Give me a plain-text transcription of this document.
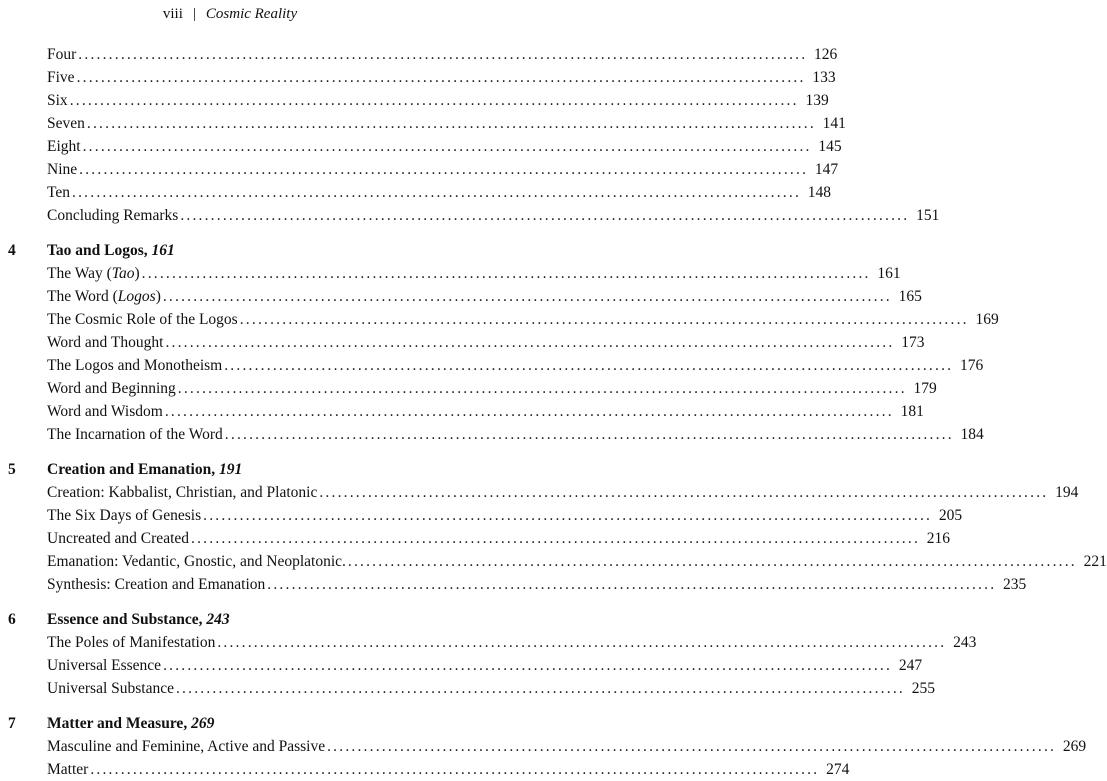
viii | Cosmic Reality
Four ........................................................................................................................ 126
Five ........................................................................................................................ 133
Six ........................................................................................................................ 139
Seven ........................................................................................................................ 141
Eight ........................................................................................................................ 145
Nine ........................................................................................................................ 147
Ten ........................................................................................................................ 148
Concluding Remarks ........................................................................................................................ 151
4 Tao and Logos, 161
The Way (Tao) ........................................................................................................................ 161
The Word (Logos) ........................................................................................................................ 165
The Cosmic Role of the Logos ........................................................................................................................ 169
Word and Thought ........................................................................................................................ 173
The Logos and Monotheism ........................................................................................................................ 176
Word and Beginning ........................................................................................................................ 179
Word and Wisdom ........................................................................................................................ 181
The Incarnation of the Word ........................................................................................................................ 184
5 Creation and Emanation, 191
Creation: Kabbalist, Christian, and Platonic ........................................................................................................................ 194
The Six Days of Genesis ........................................................................................................................ 205
Uncreated and Created ........................................................................................................................ 216
Emanation: Vedantic, Gnostic, and Neoplatonic. ........................................................................................................................ 221
Synthesis: Creation and Emanation ........................................................................................................................ 235
6 Essence and Substance, 243
The Poles of Manifestation ........................................................................................................................ 243
Universal Essence ........................................................................................................................ 247
Universal Substance ........................................................................................................................ 255
7 Matter and Measure, 269
Masculine and Feminine, Active and Passive ........................................................................................................................ 269
Matter ........................................................................................................................ 274
